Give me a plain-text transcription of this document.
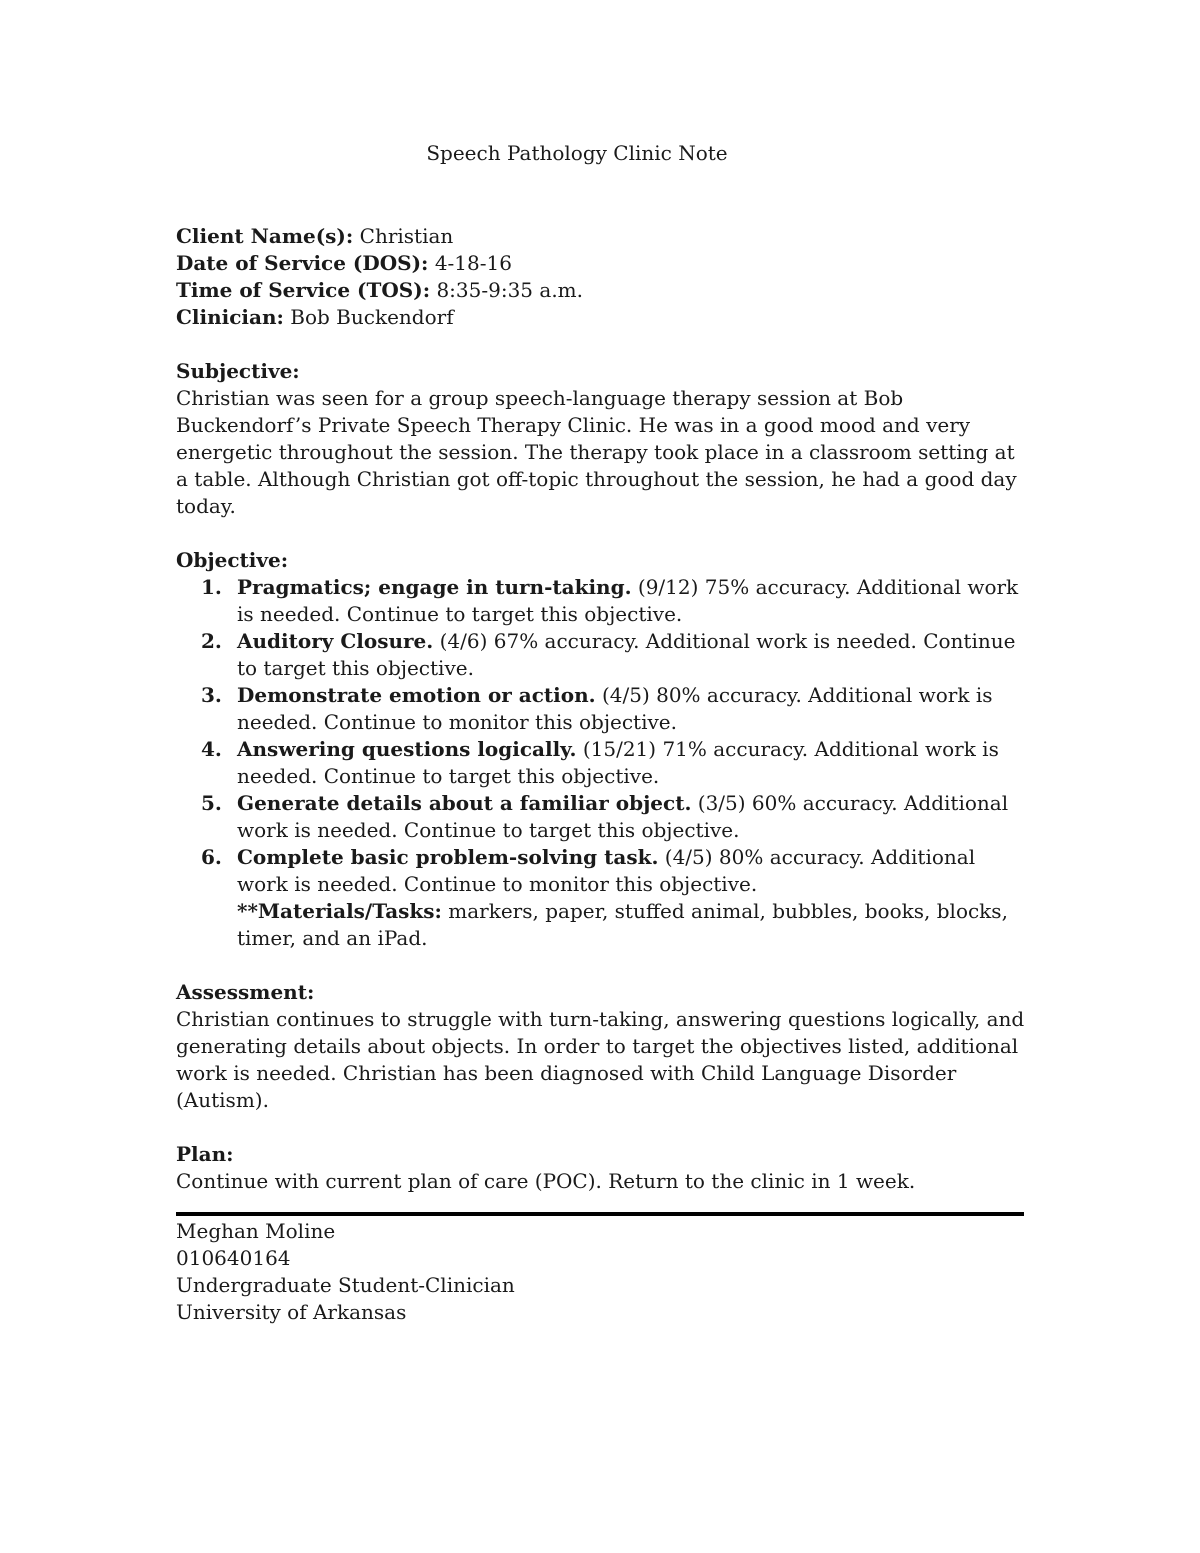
Speech Pathology Clinic Note

Client Name(s): Christian

Date of Service (DOS): 4-18-16

Time of Service (TOS): 8:35-9:35 a.m.

Clinician: Bob Buckendorf

Subjective:

Christian was seen for a group speech-language therapy session at Bob Buckendorf’s Private Speech Therapy Clinic. He was in a good mood and very energetic throughout the session. The therapy took place in a classroom setting at a table. Although Christian got off-topic throughout the session, he had a good day today.

Objective:

1. Pragmatics; engage in turn-taking. (9/12) 75% accuracy. Additional work is needed. Continue to target this objective.
2. Auditory Closure. (4/6) 67% accuracy. Additional work is needed. Continue to target this objective.
3. Demonstrate emotion or action. (4/5) 80% accuracy. Additional work is needed. Continue to monitor this objective.
4. Answering questions logically. (15/21) 71% accuracy. Additional work is needed. Continue to target this objective.
5. Generate details about a familiar object. (3/5) 60% accuracy. Additional work is needed. Continue to target this objective.
6. Complete basic problem-solving task. (4/5) 80% accuracy. Additional work is needed. Continue to monitor this objective.
**Materials/Tasks: markers, paper, stuffed animal, bubbles, books, blocks, timer, and an iPad.

Assessment:

Christian continues to struggle with turn-taking, answering questions logically, and generating details about objects. In order to target the objectives listed, additional work is needed. Christian has been diagnosed with Child Language Disorder (Autism).

Plan:

Continue with current plan of care (POC). Return to the clinic in 1 week.

Meghan Moline

010640164

Undergraduate Student-Clinician

University of Arkansas
